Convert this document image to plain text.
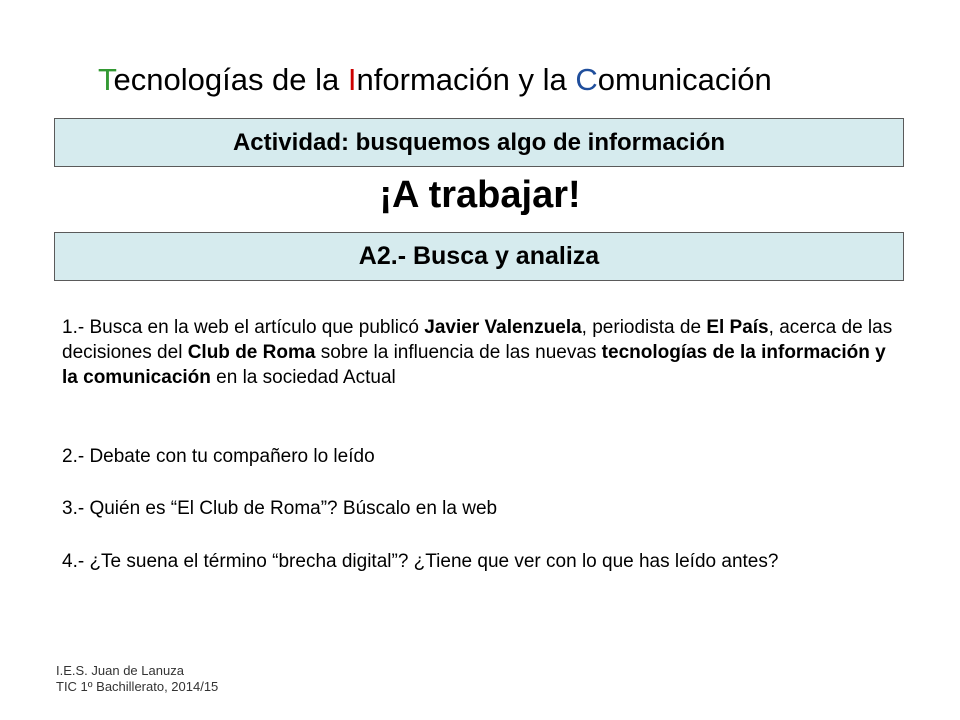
Tecnologías de la Información y la Comunicación
Actividad: busquemos algo de información
¡A trabajar!
A2.- Busca y analiza
1.- Busca en la web el artículo que publicó Javier Valenzuela, periodista de El País, acerca de las decisiones del Club de Roma sobre la influencia de las nuevas tecnologías de la información y la comunicación en la sociedad Actual
2.- Debate con tu compañero lo leído
3.- Quién es “El Club de Roma”? Búscalo en la web
4.- ¿Te suena el término “brecha digital”? ¿Tiene que ver con lo que has leído antes?
I.E.S. Juan de Lanuza
TIC 1º Bachillerato, 2014/15
